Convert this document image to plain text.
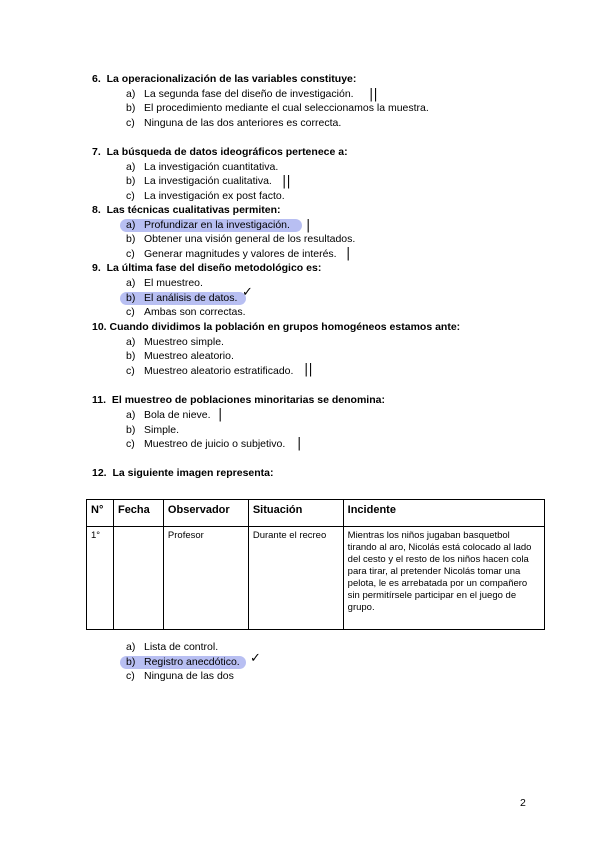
6. La operacionalización de las variables constituye:
a) La segunda fase del diseño de investigación. ||
b) El procedimiento mediante el cual seleccionamos la muestra.
c) Ninguna de las dos anteriores es correcta.
7. La búsqueda de datos ideográficos pertenece a:
a) La investigación cuantitativa.
b) La investigación cualitativa. ||
c) La investigación ex post facto.
8. Las técnicas cualitativas permiten:
a) Profundizar en la investigación. |
b) Obtener una visión general de los resultados.
c) Generar magnitudes y valores de interés. |
9. La última fase del diseño metodológico es:
a) El muestreo.
b) El análisis de datos. ✓
c) Ambas son correctas.
10. Cuando dividimos la población en grupos homogéneos estamos ante:
a) Muestreo simple.
b) Muestreo aleatorio.
c) Muestreo aleatorio estratificado. ||
11. El muestreo de poblaciones minoritarias se denomina:
a) Bola de nieve. |
b) Simple.
c) Muestreo de juicio o subjetivo. |
12. La siguiente imagen representa:
N°	Fecha	Observador	Situación	Incidente
1°		Profesor	Durante el recreo	Mientras los niños jugaban basquetbol tirando al aro, Nicolás está colocado al lado del cesto y el resto de los niños hacen cola para tirar, al pretender Nicolás tomar una pelota, le es arrebatada por un compañero sin permitírsele participar en el juego de grupo.
a) Lista de control.
b) Registro anecdótico. ✓
c) Ninguna de las dos
2
